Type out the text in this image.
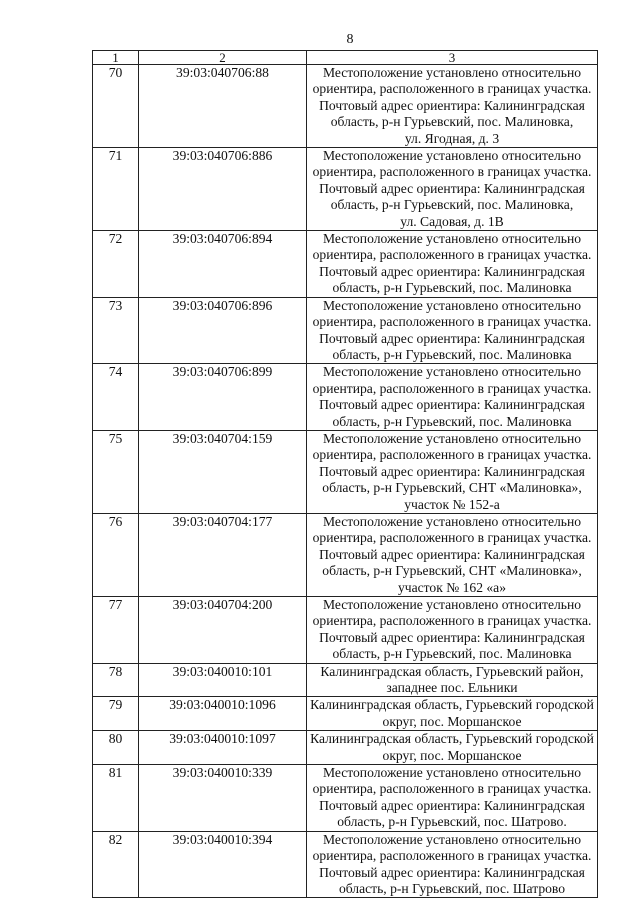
8
1	2	3
70	39:03:040706:88	Местоположение установлено относительно
ориентира, расположенного в границах участка.
Почтовый адрес ориентира: Калининградская
область, р-н Гурьевский, пос. Малиновка,
ул. Ягодная, д. 3

71	39:03:040706:886	Местоположение установлено относительно
ориентира, расположенного в границах участка.
Почтовый адрес ориентира: Калининградская
область, р-н Гурьевский, пос. Малиновка,
ул. Садовая, д. 1В

72	39:03:040706:894	Местоположение установлено относительно
ориентира, расположенного в границах участка.
Почтовый адрес ориентира: Калининградская
область, р-н Гурьевский, пос. Малиновка

73	39:03:040706:896	Местоположение установлено относительно
ориентира, расположенного в границах участка.
Почтовый адрес ориентира: Калининградская
область, р-н Гурьевский, пос. Малиновка

74	39:03:040706:899	Местоположение установлено относительно
ориентира, расположенного в границах участка.
Почтовый адрес ориентира: Калининградская
область, р-н Гурьевский, пос. Малиновка

75	39:03:040704:159	Местоположение установлено относительно
ориентира, расположенного в границах участка.
Почтовый адрес ориентира: Калининградская
область, р-н Гурьевский, СНТ «Малиновка»,
участок № 152-а

76	39:03:040704:177	Местоположение установлено относительно
ориентира, расположенного в границах участка.
Почтовый адрес ориентира: Калининградская
область, р-н Гурьевский, СНТ «Малиновка»,
участок № 162 «а»

77	39:03:040704:200	Местоположение установлено относительно
ориентира, расположенного в границах участка.
Почтовый адрес ориентира: Калининградская
область, р-н Гурьевский, пос. Малиновка

78	39:03:040010:101	Калининградская область, Гурьевский район,
западнее пос. Ельники

79	39:03:040010:1096	Калининградская область, Гурьевский городской
округ, пос. Моршанское

80	39:03:040010:1097	Калининградская область, Гурьевский городской
округ, пос. Моршанское

81	39:03:040010:339	Местоположение установлено относительно
ориентира, расположенного в границах участка.
Почтовый адрес ориентира: Калининградская
область, р-н Гурьевский, пос. Шатрово.

82	39:03:040010:394	Местоположение установлено относительно
ориентира, расположенного в границах участка.
Почтовый адрес ориентира: Калининградская
область, р-н Гурьевский, пос. Шатрово
